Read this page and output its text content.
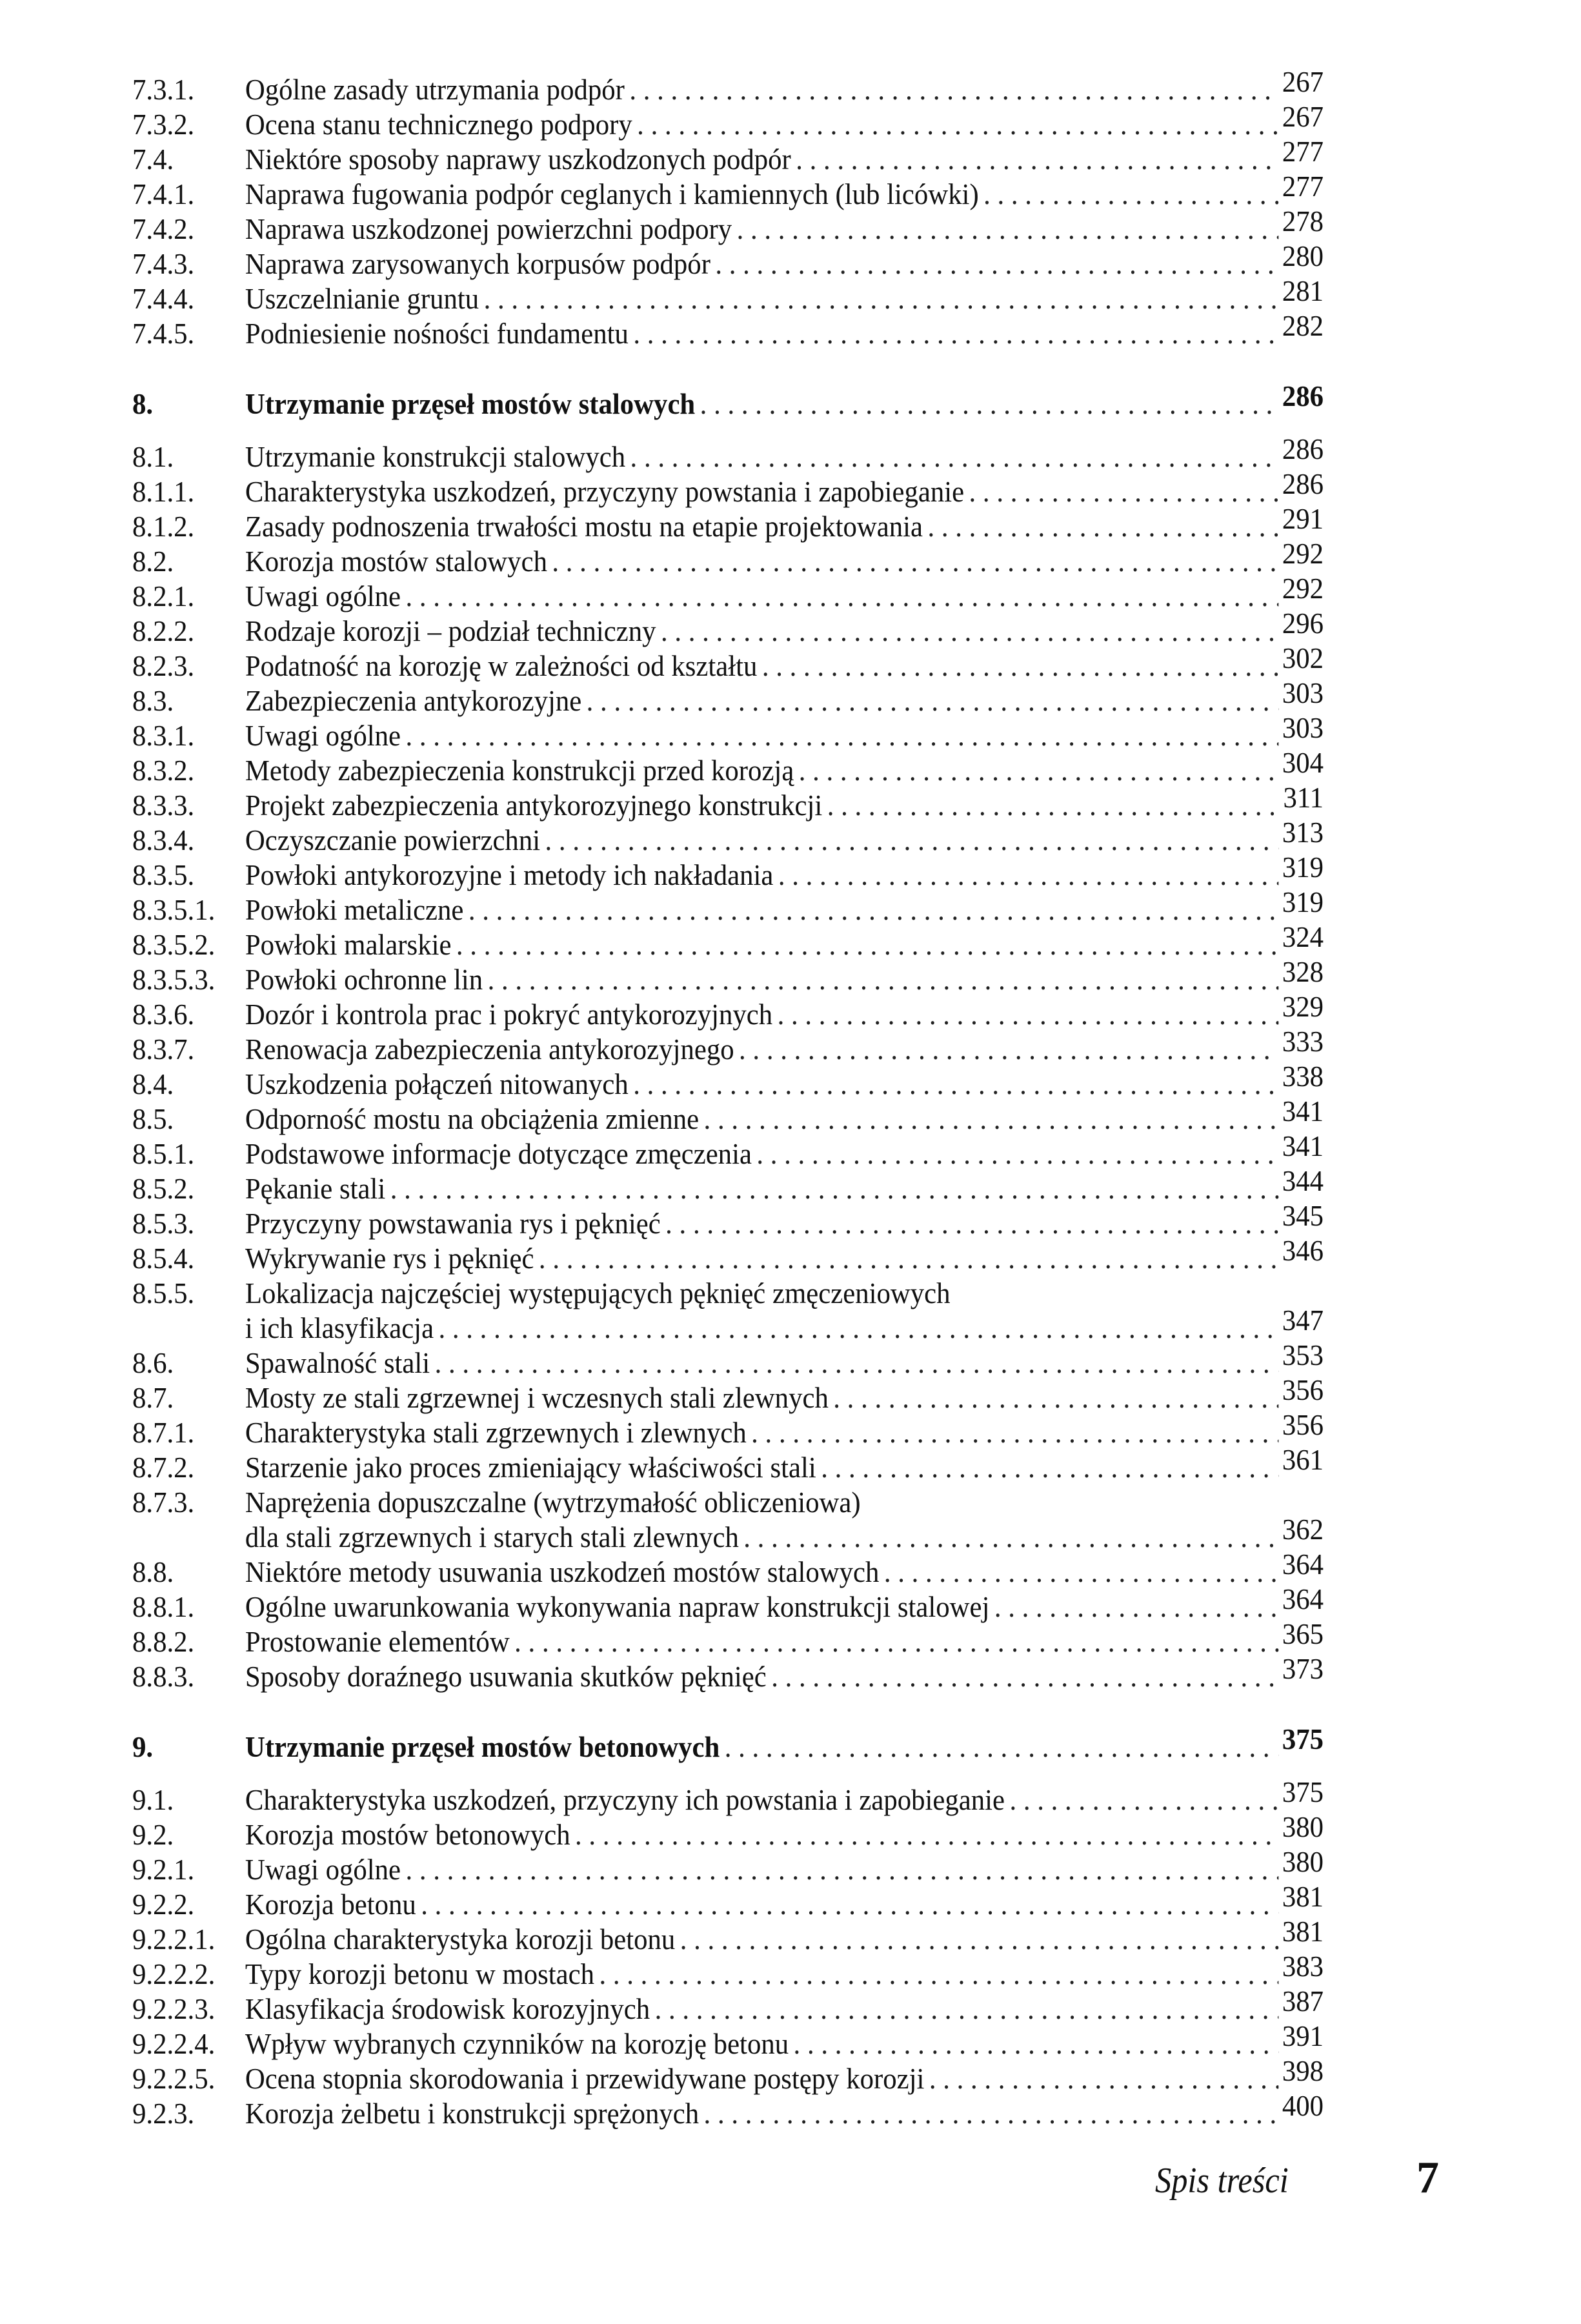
7.3.1. Ogólne zasady utrzymania podpór . . .	267
7.3.2. Ocena stanu technicznego podpory . . .	267
7.4. Niektóre sposoby naprawy uszkodzonych podpór . . .	277
7.4.1. Naprawa fugowania podpór ceglanych i kamiennych (lub licówki) . . .	277
7.4.2. Naprawa uszkodzonej powierzchni podpory . . .	278
7.4.3. Naprawa zarysowanych korpusów podpór . . .	280
7.4.4. Uszczelnianie gruntu . . .	281
7.4.5. Podniesienie nośności fundamentu . . .	282
8.	Utrzymanie przęseł mostów stalowych . . .	286
8.1. Utrzymanie konstrukcji stalowych . . .	286
8.1.1. Charakterystyka uszkodzeń, przyczyny powstania i zapobieganie . . .	286
8.1.2. Zasady podnoszenia trwałości mostu na etapie projektowania . . .	291
8.2. Korozja mostów stalowych . . .	292
8.2.1. Uwagi ogólne . . .	292
8.2.2. Rodzaje korozji – podział techniczny . . .	296
8.2.3. Podatność na korozję w zależności od kształtu . . .	302
8.3. Zabezpieczenia antykorozyjne . . .	303
8.3.1. Uwagi ogólne . . .	303
8.3.2. Metody zabezpieczenia konstrukcji przed korozją . . .	304
8.3.3. Projekt zabezpieczenia antykorozyjnego konstrukcji . . .	311
8.3.4. Oczyszczanie powierzchni . . .	313
8.3.5. Powłoki antykorozyjne i metody ich nakładania . . .	319
8.3.5.1. Powłoki metaliczne . . .	319
8.3.5.2. Powłoki malarskie . . .	324
8.3.5.3. Powłoki ochronne lin . . .	328
8.3.6. Dozór i kontrola prac i pokryć antykorozyjnych . . .	329
8.3.7. Renowacja zabezpieczenia antykorozyjnego . . .	333
8.4. Uszkodzenia połączeń nitowanych . . .	338
8.5. Odporność mostu na obciążenia zmienne . . .	341
8.5.1. Podstawowe informacje dotyczące zmęczenia . . .	341
8.5.2. Pękanie stali . . .	344
8.5.3. Przyczyny powstawania rys i pęknięć . . .	345
8.5.4. Wykrywanie rys i pęknięć . . .	346
8.5.5. Lokalizacja najczęściej występujących pęknięć zmęczeniowych
i ich klasyfikacja . . .	347
8.6. Spawalność stali . . .	353
8.7. Mosty ze stali zgrzewnej i wczesnych stali zlewnych . . .	356
8.7.1. Charakterystyka stali zgrzewnych i zlewnych . . .	356
8.7.2. Starzenie jako proces zmieniający właściwości stali . . .	361
8.7.3. Naprężenia dopuszczalne (wytrzymałość obliczeniowa)
dla stali zgrzewnych i starych stali zlewnych . . .	362
8.8. Niektóre metody usuwania uszkodzeń mostów stalowych . . .	364
8.8.1. Ogólne uwarunkowania wykonywania napraw konstrukcji stalowej . . .	364
8.8.2. Prostowanie elementów . . .	365
8.8.3. Sposoby doraźnego usuwania skutków pęknięć . . .	373
9.	Utrzymanie przęseł mostów betonowych . . .	375
9.1. Charakterystyka uszkodzeń, przyczyny ich powstania i zapobieganie . . .	375
9.2. Korozja mostów betonowych . . .	380
9.2.1. Uwagi ogólne . . .	380
9.2.2. Korozja betonu . . .	381
9.2.2.1. Ogólna charakterystyka korozji betonu . . .	381
9.2.2.2. Typy korozji betonu w mostach . . .	383
9.2.2.3. Klasyfikacja środowisk korozyjnych . . .	387
9.2.2.4. Wpływ wybranych czynników na korozję betonu . . .	391
9.2.2.5. Ocena stopnia skorodowania i przewidywane postępy korozji . . .	398
9.2.3. Korozja żelbetu i konstrukcji sprężonych . . .	400
Spis treści	7
